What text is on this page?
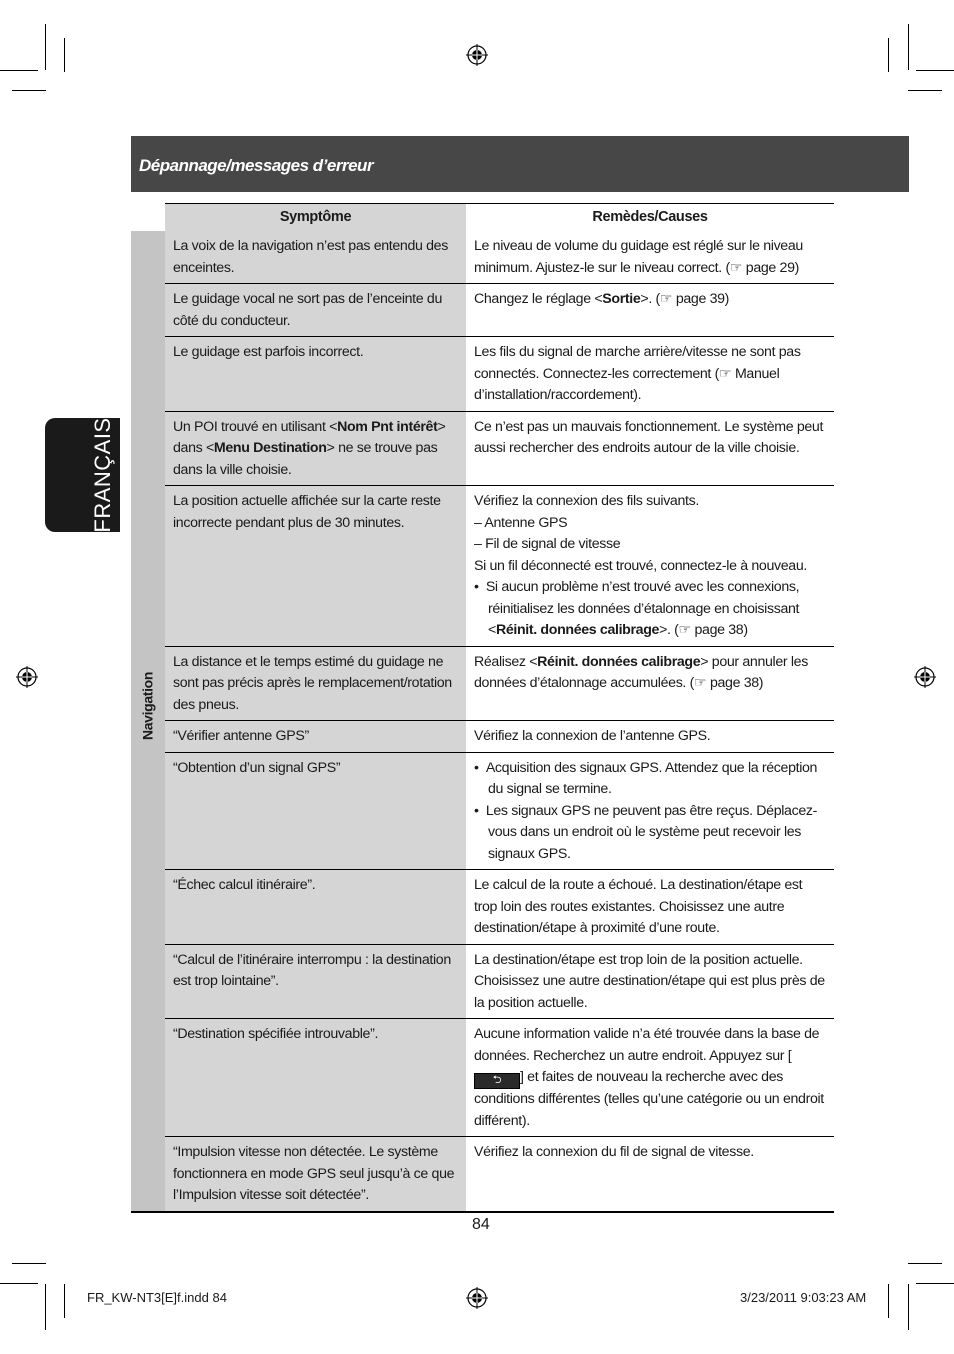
Dépannage/messages d’erreur
FRANÇAIS
	Symptôme	Remèdes/Causes

Navigation	La voix de la navigation n’est pas entendu des enceintes.	Le niveau de volume du guidage est réglé sur le niveau minimum. Ajustez-le sur le niveau correct. (☞ page 29)
	Le guidage vocal ne sort pas de l’enceinte du côté du conducteur.	Changez le réglage <Sortie>. (☞ page 39)
	Le guidage est parfois incorrect.	Les fils du signal de marche arrière/vitesse ne sont pas connectés. Connectez-les correctement (☞ Manuel d’installation/raccordement).
	Un POI trouvé en utilisant <Nom Pnt intérêt> dans <Menu Destination> ne se trouve pas dans la ville choisie.	Ce n’est pas un mauvais fonctionnement. Le système peut aussi rechercher des endroits autour de la ville choisie.
	La position actuelle affichée sur la carte reste incorrecte pendant plus de 30 minutes.	Vérifiez la connexion des fils suivants.
– Antenne GPS
– Fil de signal de vitesse
Si un fil déconnecté est trouvé, connectez-le à nouveau.
•  Si aucun problème n’est trouvé avec les connexions, réinitialisez les données d’étalonnage en choisissant <Réinit. données calibrage>. (☞ page 38)

	La distance et le temps estimé du guidage ne sont pas précis après le remplacement/rotation des pneus.	Réalisez <Réinit. données calibrage> pour annuler les données d’étalonnage accumulées. (☞ page 38)
	“Vérifier antenne GPS”	Vérifiez la connexion de l’antenne GPS.
	“Obtention d’un signal GPS”	•  Acquisition des signaux GPS. Attendez que la réception du signal se termine.
•  Les signaux GPS ne peuvent pas être reçus. Déplacez-vous dans un endroit où le système peut recevoir les signaux GPS.

	“Échec calcul itinéraire”.	Le calcul de la route a échoué. La destination/étape est trop loin des routes existantes. Choisissez une autre destination/étape à proximité d’une route.
	“Calcul de l’itinéraire interrompu : la destination est trop lointaine”.	La destination/étape est trop loin de la position actuelle. Choisissez une autre destination/étape qui est plus près de la position actuelle.
	“Destination spécifiée introuvable”.	Aucune information valide n’a été trouvée dans la base de données. Recherchez un autre endroit. Appuyez sur [⮌ ] et faites de nouveau la recherche avec des conditions différentes (telles qu’une catégorie ou un endroit différent).
	“Impulsion vitesse non détectée. Le système fonctionnera en mode GPS seul jusqu’à ce que l’Impulsion vitesse soit détectée”.	Vérifiez la connexion du fil de signal de vitesse.
84
FR_KW-NT3[E]f.indd 84	3/23/2011 9:03:23 AM
